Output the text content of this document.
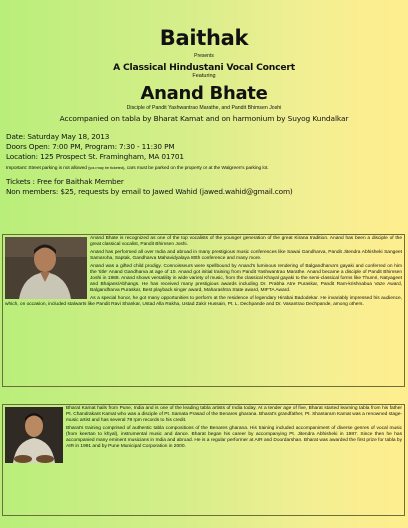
Baithak
Presents
A Classical Hindustani Vocal Concert
Featuring
Anand Bhate
Disciple of Pandit Yashwantrao Marathe, and Pandit Bhimsen Joshi
Accompanied on tabla by Bharat Kamat and on harmonium by Suyog Kundalkar
Date: Saturday May 18, 2013
Doors Open: 7:00 PM, Program: 7:30 - 11:30 PM
Location: 125 Prospect St. Framingham, MA 01701
Important: Street parking is not allowed (you may be ticketed), cars must be parked on the property or at the Walgreen's parking lot.
Tickets : Free for Baithak Member
Non members: $25, requests by email to Jawed Wahid (jawed.wahid@gmail.com)

Anand Bhate is recognized as one of the top vocalists of the younger generation of the great Kirana tradition. Anand has been a disciple of the great classical vocalist, Pandit Bhimsen Joshi.

Anand has performed all over India and abroad in many prestigious music conferences like Sawai Gandharva, Pandit Jitendra Abhisheki Sangeet Samaroha, Saptak, Gandharva Mahavidyalaya 80th conference and many more.

Anand was a gifted child prodigy. Connoisseurs were spellbound by Anand's luminous rendering of Balgandharva's gayaki and conferred on him the 'title' Anand Gandharva at age of 10. Anand got initial training from Pandit Yashwantrao Marathe. Anand became a disciple of Pandit Bhimsen Joshi in 1988. Anand shows versatility in wide variety of music, from the classical Khayal gayaki to the semi-classical forms like Thumri, Natyageet and Bhajans/Abhangs. He has received many prestigious awards including Dr. Prabha Atre Puraskar, Pandit Ram-krishnabua Vaze Award, Balgandharva Puraskar, Best playback singer award, Maharashtra State award, MIFTA Award.

As a special honor, he got many opportunities to perform at the residence of legendary Hirabai Badodekar. He invariably impressed his audience, which, on occasion, included stalwarts like Pandit Ravi Shankar, Ustad Alla Rakha, Ustad Zakir Hussain, Pt. L. Dechpande and Dr. Vasantrao Dechpande, among others.

Bharat Kamat hails from Pune, India and is one of the leading tabla artists of India today. At a tender age of five, Bharat started learning tabla from his father Pt. Chandrakant Kamat who was a disciple of Pt. Samata Prasad of the Benares gharana. Bharat's grandfather, Pt. Shantaram Kamat was a renowned stage-music artist and has several 78 rpm records to his credit.

Bharat's training comprised of authentic tabla compositions of the Benares gharana. His training included accompaniment of diverse genres of vocal music (from keertan to khyal), instrumental music and dance. Bharat began his career by accompanying Pt. Jitendra Abhisheki in 1987. Since then he has accompanied many eminent musicians in India and abroad. He is a regular performer at AIR and Doordarshan. Bharat was awarded the first prize for tabla by AIR in 1991 and by Pune Municipal Corporation in 2000.
